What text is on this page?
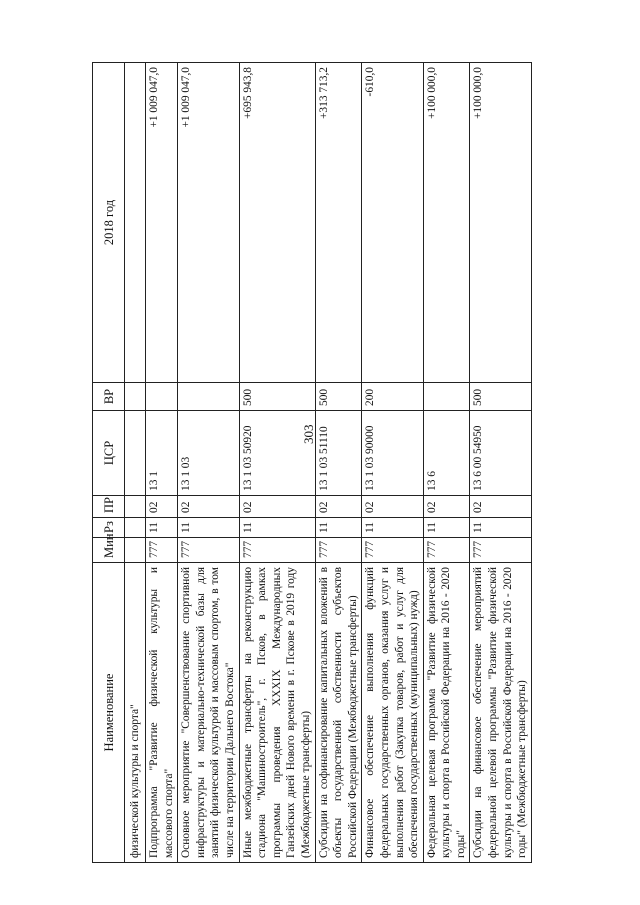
303
Наименование	Мин	Рз	ПР	ЦСР	ВР	2018 год
физической культуры и спорта"						
Подпрограмма "Развитие физической культуры и массового спорта"	777	11	02	13 1		+1 009 047,0
Основное мероприятие "Совершенствование спортивной инфраструктуры и материально-технической базы для занятий физической культурой и массовым спортом, в том числе на территории Дальнего Востока"	777	11	02	13 1 03		+1 009 047,0
Иные межбюджетные трансферты на реконструкцию стадиона "Машиностроитель", г. Псков, в рамках программы проведения XXXIX Международных Ганзейских дней Нового времени в г. Пскове в 2019 году (Межбюджетные трансферты)	777	11	02	13 1 03 50920	500	+695 943,8
Субсидии на софинансирование капитальных вложений в объекты государственной собственности субъектов Российской Федерации (Межбюджетные трансферты)	777	11	02	13 1 03 51110	500	+313 713,2
Финансовое обеспечение выполнения функций федеральных государственных органов, оказания услуг и выполнения работ (Закупка товаров, работ и услуг для обеспечения государственных (муниципальных) нужд)	777	11	02	13 1 03 90000	200	-610,0
Федеральная целевая программа "Развитие физической культуры и спорта в Российской Федерации на 2016 - 2020 годы"	777	11	02	13 6		+100 000,0
Субсидии на финансовое обеспечение мероприятий федеральной целевой программы "Развитие физической культуры и спорта в Российской Федерации на 2016 - 2020 годы" (Межбюджетные трансферты)	777	11	02	13 6 00 54950	500	+100 000,0
